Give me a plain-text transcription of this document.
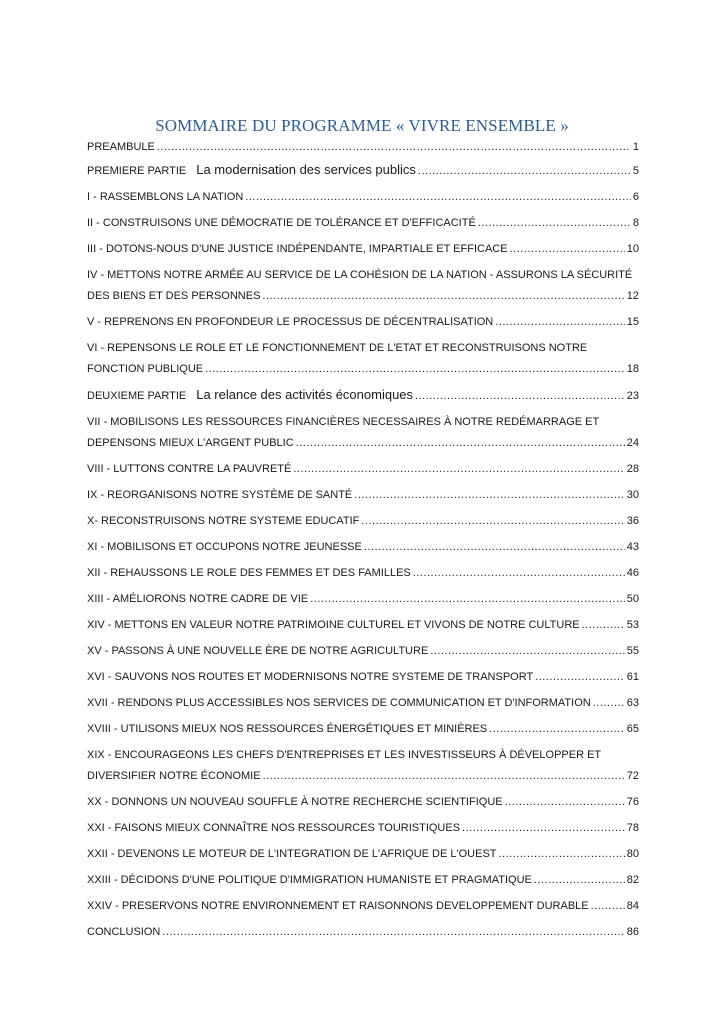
SOMMAIRE DU PROGRAMME « VIVRE ENSEMBLE »
PREAMBULE .....	1
PREMIERE PARTIE La modernisation des services publics .....	5
I - RASSEMBLONS LA NATION .....	6
II - CONSTRUISONS UNE DÉMOCRATIE DE TOLÉRANCE ET D'EFFICACITÉ .....	8
III - DOTONS-NOUS D'UNE JUSTICE INDÉPENDANTE, IMPARTIALE ET EFFICACE .....	10
IV - METTONS NOTRE ARMÉE AU SERVICE DE LA COHÉSION DE LA NATION - ASSURONS LA SÉCURITÉ
DES BIENS ET DES PERSONNES .....	12
V - REPRENONS EN PROFONDEUR LE PROCESSUS DE DÉCENTRALISATION .....	15
VI - REPENSONS LE ROLE ET LE FONCTIONNEMENT DE L'ETAT ET RECONSTRUISONS NOTRE
FONCTION PUBLIQUE .....	18
DEUXIEME PARTIE La relance des activités économiques .....	23
VII - MOBILISONS LES RESSOURCES FINANCIÈRES NECESSAIRES À NOTRE REDÉMARRAGE ET
DEPENSONS MIEUX L'ARGENT PUBLIC .....	24
VIII - LUTTONS CONTRE LA PAUVRETÉ .....	28
IX - REORGANISONS NOTRE SYSTÈME DE SANTÉ .....	30
X- RECONSTRUISONS NOTRE SYSTEME EDUCATIF .....	36
XI - MOBILISONS ET OCCUPONS NOTRE JEUNESSE .....	43
XII - REHAUSSONS LE ROLE DES FEMMES ET DES FAMILLES .....	46
XIII - AMÉLIORONS NOTRE CADRE DE VIE .....	50
XIV - METTONS EN VALEUR NOTRE PATRIMOINE CULTUREL ET VIVONS DE NOTRE CULTURE .....	53
XV - PASSONS À UNE NOUVELLE ÈRE DE NOTRE AGRICULTURE .....	55
XVI - SAUVONS NOS ROUTES ET MODERNISONS NOTRE SYSTEME DE TRANSPORT .....	61
XVII - RENDONS PLUS ACCESSIBLES NOS SERVICES DE COMMUNICATION ET D'INFORMATION .....	63
XVIII - UTILISONS MIEUX NOS RESSOURCES ÉNERGÉTIQUES ET MINIÈRES .....	65
XIX - ENCOURAGEONS LES CHEFS D'ENTREPRISES ET LES INVESTISSEURS À DÉVELOPPER ET
DIVERSIFIER NOTRE ÉCONOMIE .....	72
XX - DONNONS UN NOUVEAU SOUFFLE À NOTRE RECHERCHE SCIENTIFIQUE .....	76
XXI - FAISONS MIEUX CONNAÎTRE NOS RESSOURCES TOURISTIQUES .....	78
XXII - DEVENONS LE MOTEUR DE L'INTEGRATION DE L'AFRIQUE DE L'OUEST .....	80
XXIII - DÉCIDONS D'UNE POLITIQUE D'IMMIGRATION HUMANISTE ET PRAGMATIQUE .....	82
XXIV - PRESERVONS NOTRE ENVIRONNEMENT ET RAISONNONS DEVELOPPEMENT DURABLE .....	84
CONCLUSION .....	86
